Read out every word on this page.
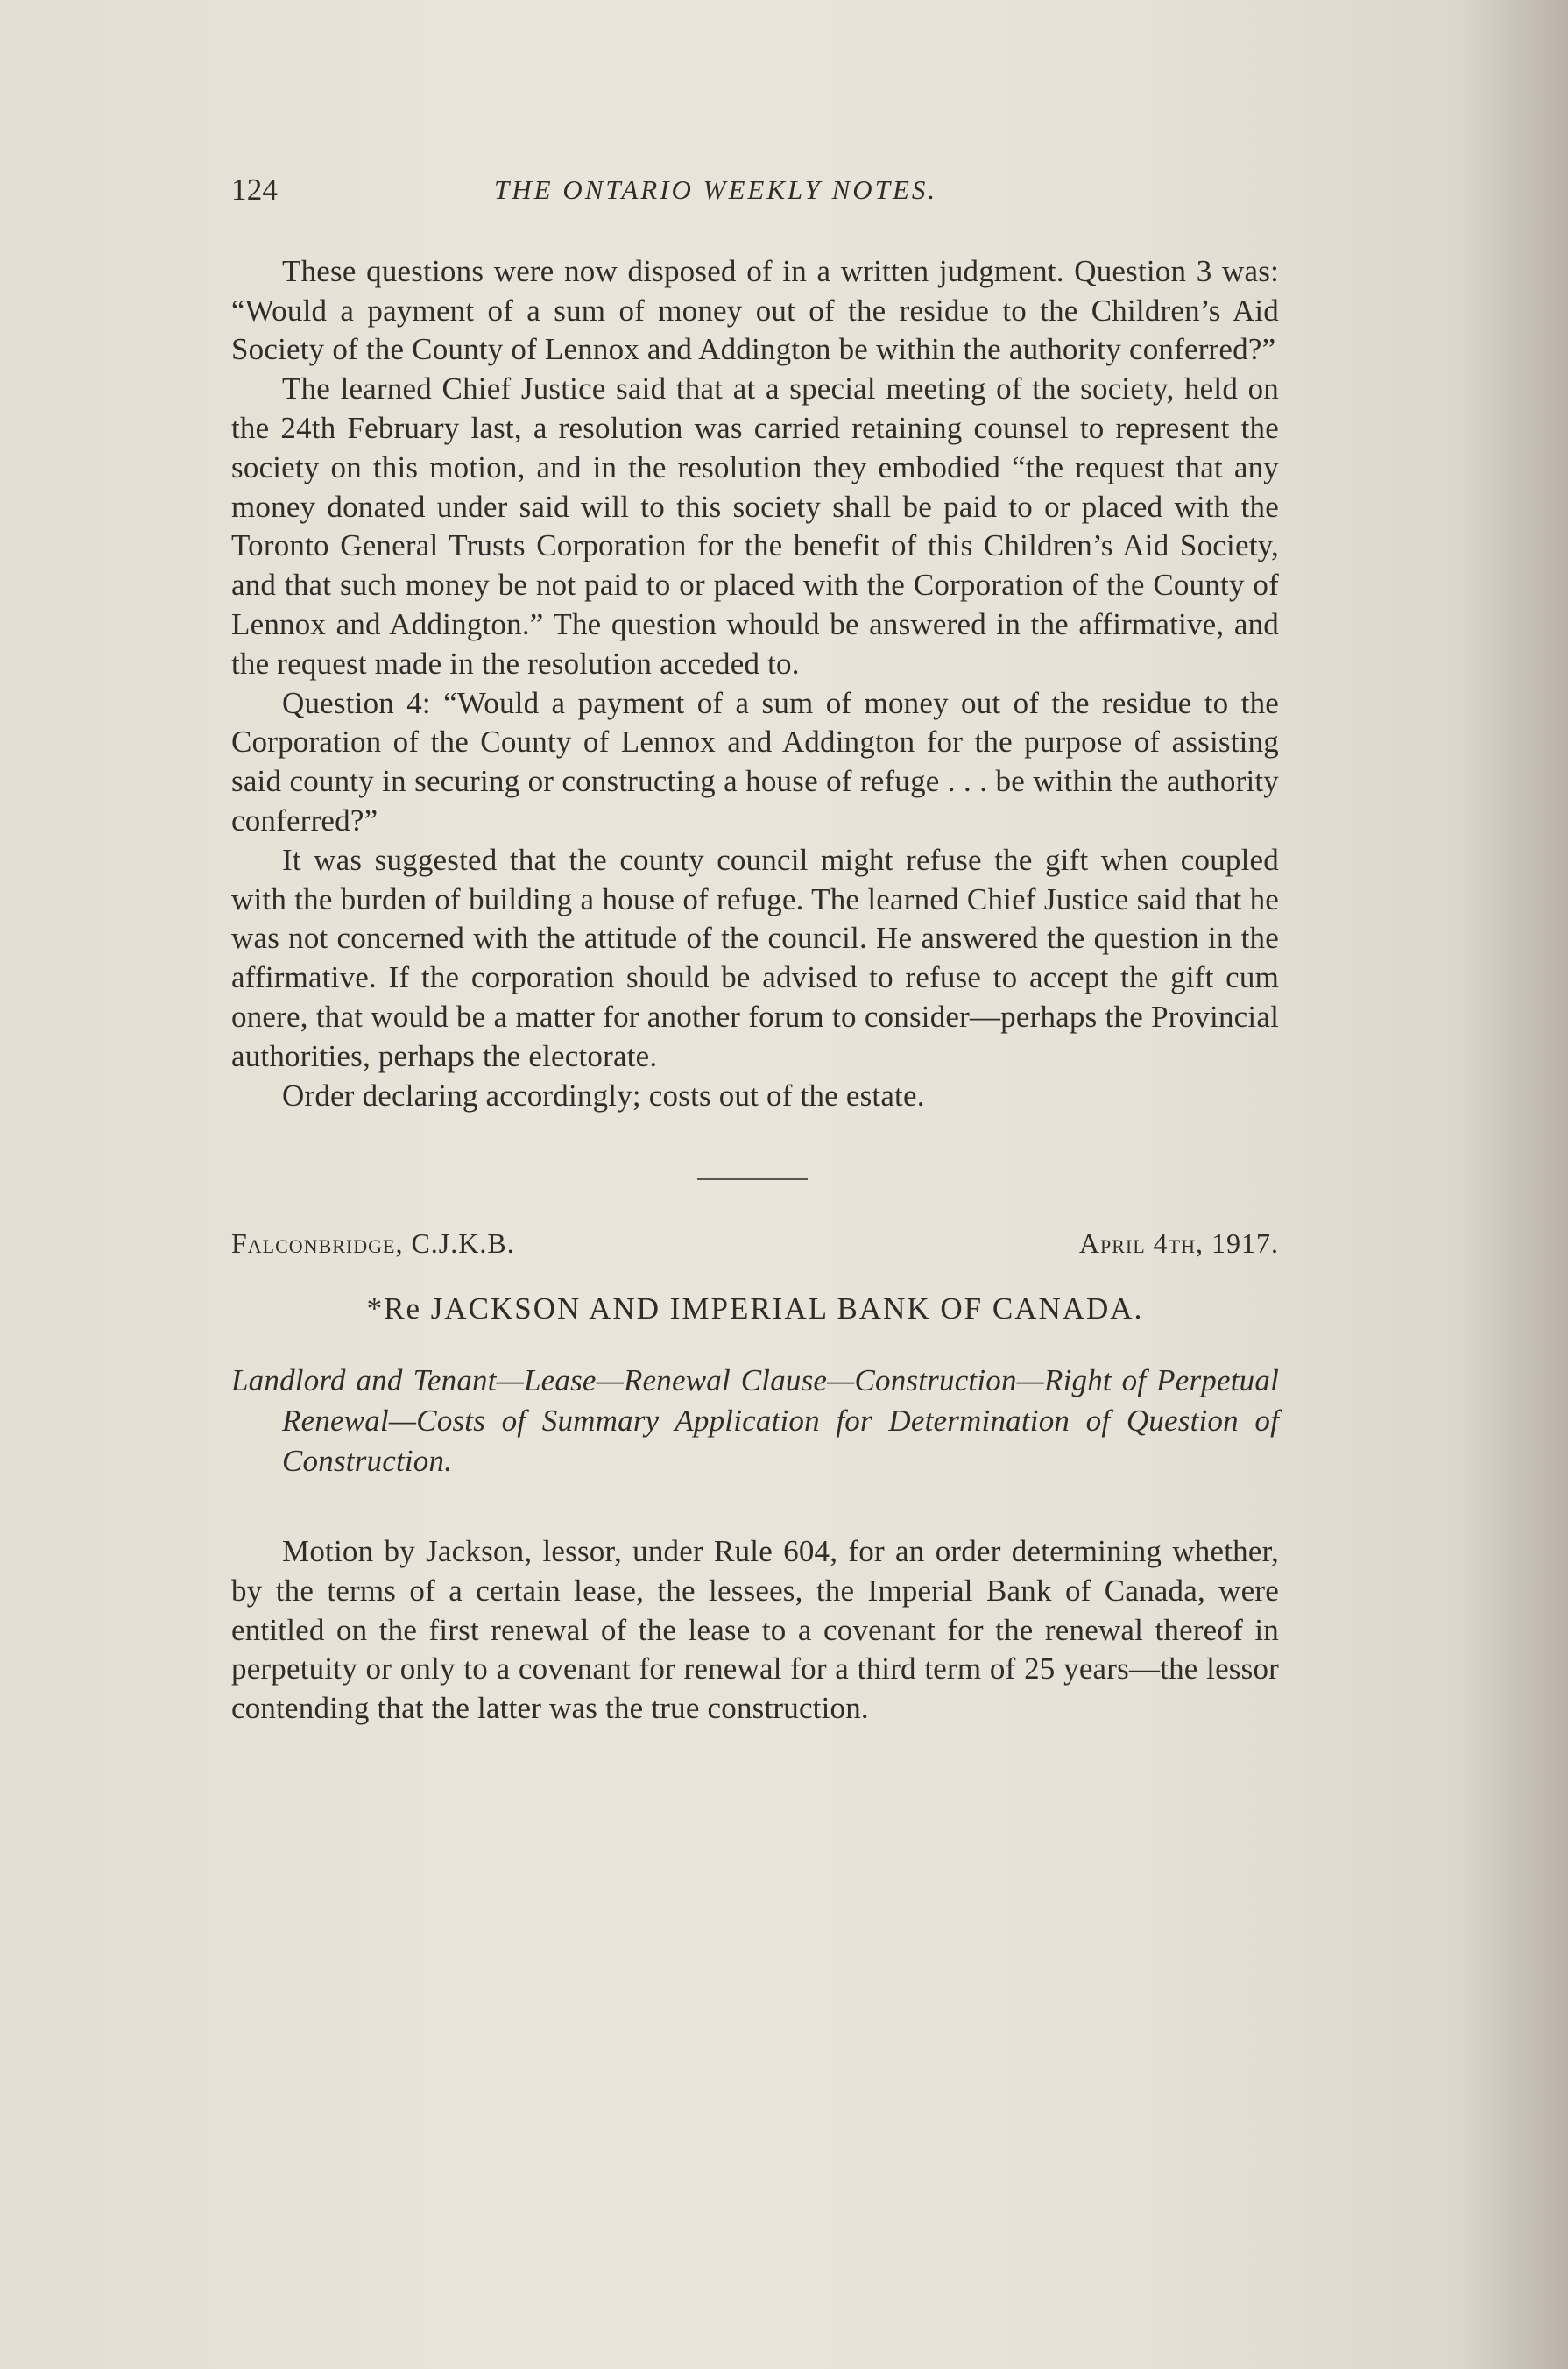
124	THE ONTARIO WEEKLY NOTES.

These questions were now disposed of in a written judgment. Question 3 was: “Would a payment of a sum of money out of the residue to the Children’s Aid Society of the County of Lennox and Addington be within the authority conferred?”

The learned Chief Justice said that at a special meeting of the society, held on the 24th February last, a resolution was carried retaining counsel to represent the society on this motion, and in the resolution they embodied “the request that any money donated under said will to this society shall be paid to or placed with the Toronto General Trusts Corporation for the benefit of this Children’s Aid Society, and that such money be not paid to or placed with the Corporation of the County of Lennox and Addington.” The question whould be answered in the affirmative, and the request made in the resolution acceded to.

Question 4: “Would a payment of a sum of money out of the residue to the Corporation of the County of Lennox and Addington for the purpose of assisting said county in securing or constructing a house of refuge . . . be within the authority conferred?”

It was suggested that the county council might refuse the gift when coupled with the burden of building a house of refuge. The learned Chief Justice said that he was not concerned with the attitude of the council. He answered the question in the affirmative. If the corporation should be advised to refuse to accept the gift cum onere, that would be a matter for another forum to consider—perhaps the Provincial authorities, perhaps the electorate.

Order declaring accordingly; costs out of the estate.

Falconbridge, C.J.K.B.	April 4th, 1917.
*Re JACKSON AND IMPERIAL BANK OF CANADA.
Landlord and Tenant—Lease—Renewal Clause—Construction—Right of Perpetual Renewal—Costs of Summary Application for Determination of Question of Construction.

Motion by Jackson, lessor, under Rule 604, for an order determining whether, by the terms of a certain lease, the lessees, the Imperial Bank of Canada, were entitled on the first renewal of the lease to a covenant for the renewal thereof in perpetuity or only to a covenant for renewal for a third term of 25 years—the lessor contending that the latter was the true construction.
